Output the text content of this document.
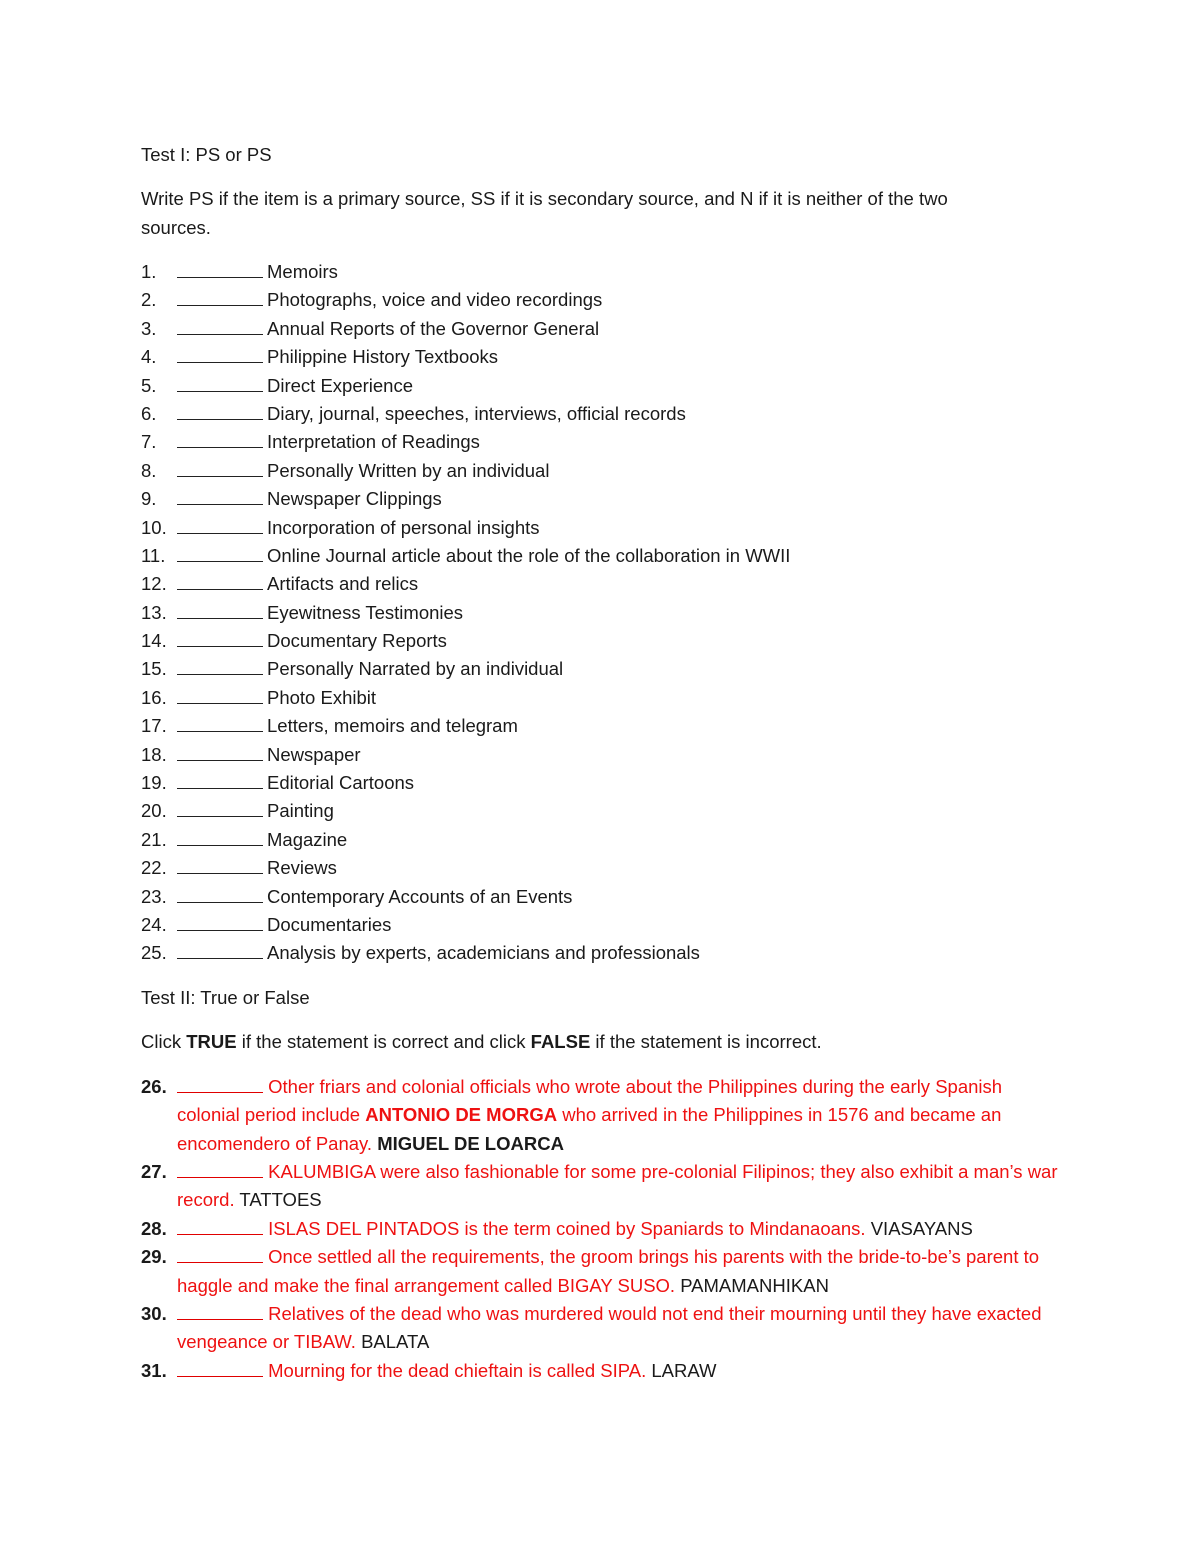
Test I: PS or PS
Write PS if the item is a primary source, SS if it is secondary source, and N if it is neither of the two sources.
1.	Memoirs
2.	Photographs, voice and video recordings
3.	Annual Reports of the Governor General
4.	Philippine History Textbooks
5.	Direct Experience
6.	Diary, journal, speeches, interviews, official records
7.	Interpretation of Readings
8.	Personally Written by an individual
9.	Newspaper Clippings
10.	Incorporation of personal insights
11.	Online Journal article about the role of the collaboration in WWII
12.	Artifacts and relics
13.	Eyewitness Testimonies
14.	Documentary Reports
15.	Personally Narrated by an individual
16.	Photo Exhibit
17.	Letters, memoirs and telegram
18.	Newspaper
19.	Editorial Cartoons
20.	Painting
21.	Magazine
22.	Reviews
23.	Contemporary Accounts of an Events
24.	Documentaries
25.	Analysis by experts, academicians and professionals
Test II: True or False
Click TRUE if the statement is correct and click FALSE if the statement is incorrect.
26.	Other friars and colonial officials who wrote about the Philippines during the early Spanish colonial period include ANTONIO DE MORGA who arrived in the Philippines in 1576 and became an encomendero of Panay. MIGUEL DE LOARCA
27.	KALUMBIGA were also fashionable for some pre-colonial Filipinos; they also exhibit a man’s war record. TATTOES
28.	ISLAS DEL PINTADOS is the term coined by Spaniards to Mindanaoans. VIASAYANS
29.	Once settled all the requirements, the groom brings his parents with the bride-to-be’s parent to haggle and make the final arrangement called BIGAY SUSO. PAMAMANHIKAN
30.	Relatives of the dead who was murdered would not end their mourning until they have exacted vengeance or TIBAW. BALATA
31.	Mourning for the dead chieftain is called SIPA. LARAW
